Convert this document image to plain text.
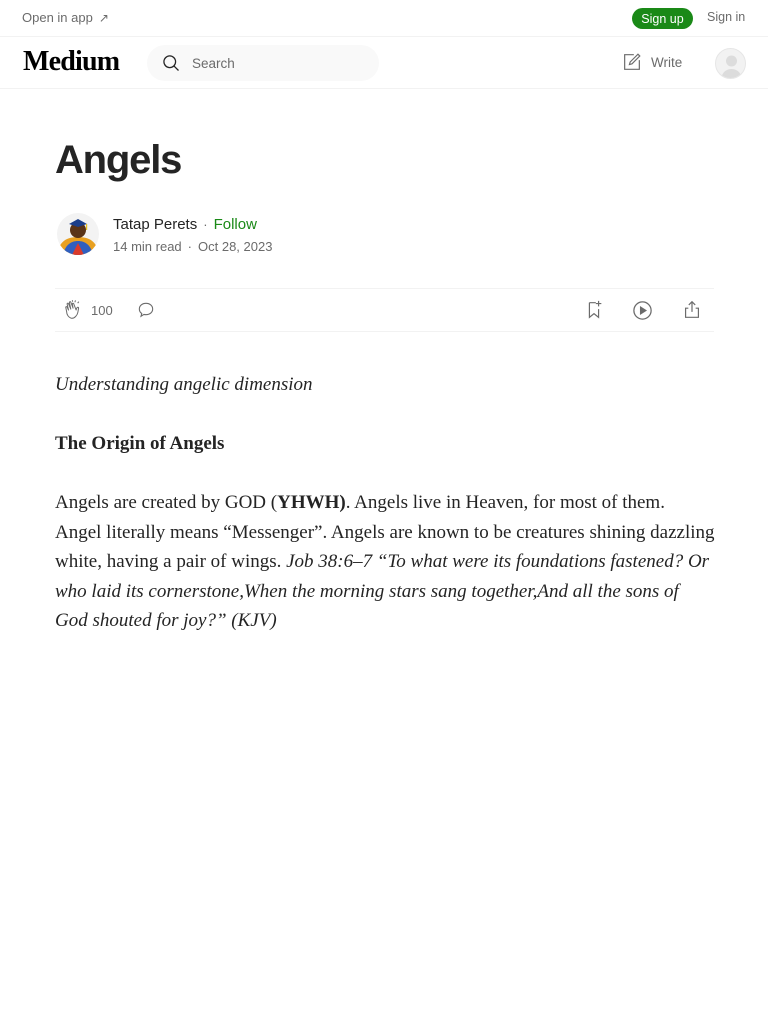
Open in app ↗	Sign up	Sign in
Medium
Search	Write
Angels
Tatap Perets · Follow
14 min read · Oct 28, 2023
100

Understanding angelic dimension

The Origin of Angels

Angels are created by GOD (YHWH). Angels live in Heaven, for most of them. Angel literally means “Messenger”. Angels are known to be creatures shining dazzling white, having a pair of wings. Job 38:6–7 “To what were its foundations fastened? Or who laid its cornerstone,When the morning stars sang together,And all the sons of God shouted for joy?” (KJV)
